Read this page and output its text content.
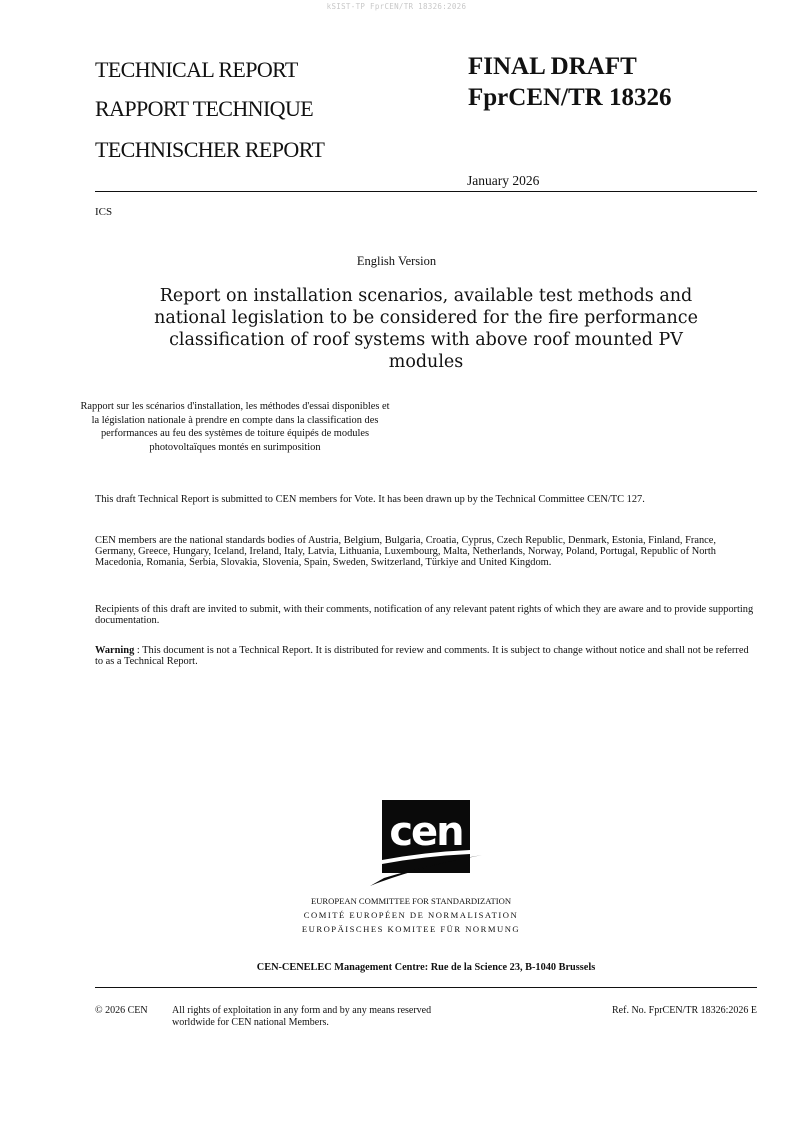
kSIST-TP FprCEN/TR 18326:2026
TECHNICAL REPORT
RAPPORT TECHNIQUE
TECHNISCHER REPORT
FINAL DRAFT
FprCEN/TR 18326
January 2026
ICS
English Version
Report on installation scenarios, available test methods and national legislation to be considered for the fire performance classification of roof systems with above roof mounted PV modules
Rapport sur les scénarios d'installation, les méthodes d'essai disponibles et la législation nationale à prendre en compte dans la classification des performances au feu des systèmes de toiture équipés de modules photovoltaïques montés en surimposition
This draft Technical Report is submitted to CEN members for Vote. It has been drawn up by the Technical Committee CEN/TC 127.
CEN members are the national standards bodies of Austria, Belgium, Bulgaria, Croatia, Cyprus, Czech Republic, Denmark, Estonia, Finland, France, Germany, Greece, Hungary, Iceland, Ireland, Italy, Latvia, Lithuania, Luxembourg, Malta, Netherlands, Norway, Poland, Portugal, Republic of North Macedonia, Romania, Serbia, Slovakia, Slovenia, Spain, Sweden, Switzerland, Türkiye and United Kingdom.
Recipients of this draft are invited to submit, with their comments, notification of any relevant patent rights of which they are aware and to provide supporting documentation.
Warning : This document is not a Technical Report. It is distributed for review and comments. It is subject to change without notice and shall not be referred to as a Technical Report.
cen
EUROPEAN COMMITTEE FOR STANDARDIZATION
COMITÉ EUROPÉEN DE NORMALISATION
EUROPÄISCHES KOMITEE FÜR NORMUNG
CEN-CENELEC Management Centre: Rue de la Science 23, B-1040 Brussels
© 2026 CEN All rights of exploitation in any form and by any means reserved
worldwide for CEN national Members.
Ref. No. FprCEN/TR 18326:2026 E
